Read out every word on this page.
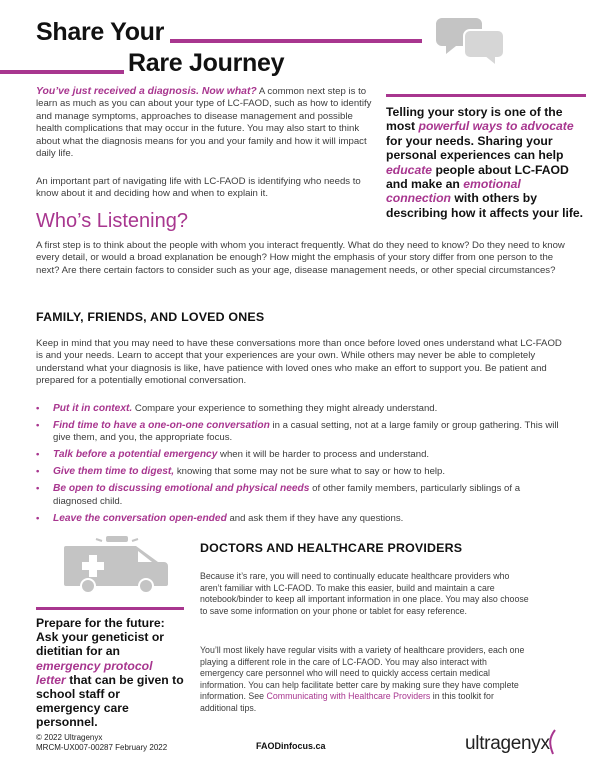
Share Your
Rare Journey

Telling your story is one of the most powerful ways to advocate for your needs. Sharing your personal experiences can help educate people about LC-FAOD and make an emotional connection with others by describing how it affects your life.

You’ve just received a diagnosis. Now what? A common next step is to learn as much as you can about your type of LC-FAOD, such as how to identify and manage symptoms, approaches to disease management and possible health complications that may occur in the future. You may also start to think about what the diagnosis means for you and your family and how it will impact daily life.

An important part of navigating life with LC-FAOD is identifying who needs to know about it and deciding how and when to explain it.

Who’s Listening?

A first step is to think about the people with whom you interact frequently. What do they need to know? Do they need to know every detail, or would a broad explanation be enough? How might the emphasis of your story differ from one person to the next? Are there certain factors to consider such as your age, disease management needs, or other special circumstances?

FAMILY, FRIENDS, AND LOVED ONES

Keep in mind that you may need to have these conversations more than once before loved ones understand what LC-FAOD is and your needs. Learn to accept that your experiences are your own. While others may never be able to completely understand what your diagnosis is like, have patience with loved ones who make an effort to support you. Be patient and prepared for a potentially emotional conversation.

• Put it in context. Compare your experience to something they might already understand.
• Find time to have a one-on-one conversation in a casual setting, not at a large family or group gathering. This will give them, and you, the appropriate focus.
• Talk before a potential emergency when it will be harder to process and understand.
• Give them time to digest, knowing that some may not be sure what to say or how to help.
• Be open to discussing emotional and physical needs of other family members, particularly siblings of a diagnosed child.
• Leave the conversation open-ended and ask them if they have any questions.

Prepare for the future: Ask your geneticist or dietitian for an emergency protocol letter that can be given to school staff or emergency care personnel.

DOCTORS AND HEALTHCARE PROVIDERS

Because it’s rare, you will need to continually educate healthcare providers who aren’t familiar with LC-FAOD. To make this easier, build and maintain a care notebook/binder to keep all important information in one place. You may also choose to save some information on your phone or tablet for easy reference.

You’ll most likely have regular visits with a variety of healthcare providers, each one playing a different role in the care of LC-FAOD. You may also interact with emergency care personnel who will need to quickly access certain medical information. You can help facilitate better care by making sure they have complete information. See Communicating with Healthcare Providers in this toolkit for additional tips.

© 2022 Ultragenyx
MRCM-UX007-00287 February 2022	FAODinfocus.ca	ultragenyx
